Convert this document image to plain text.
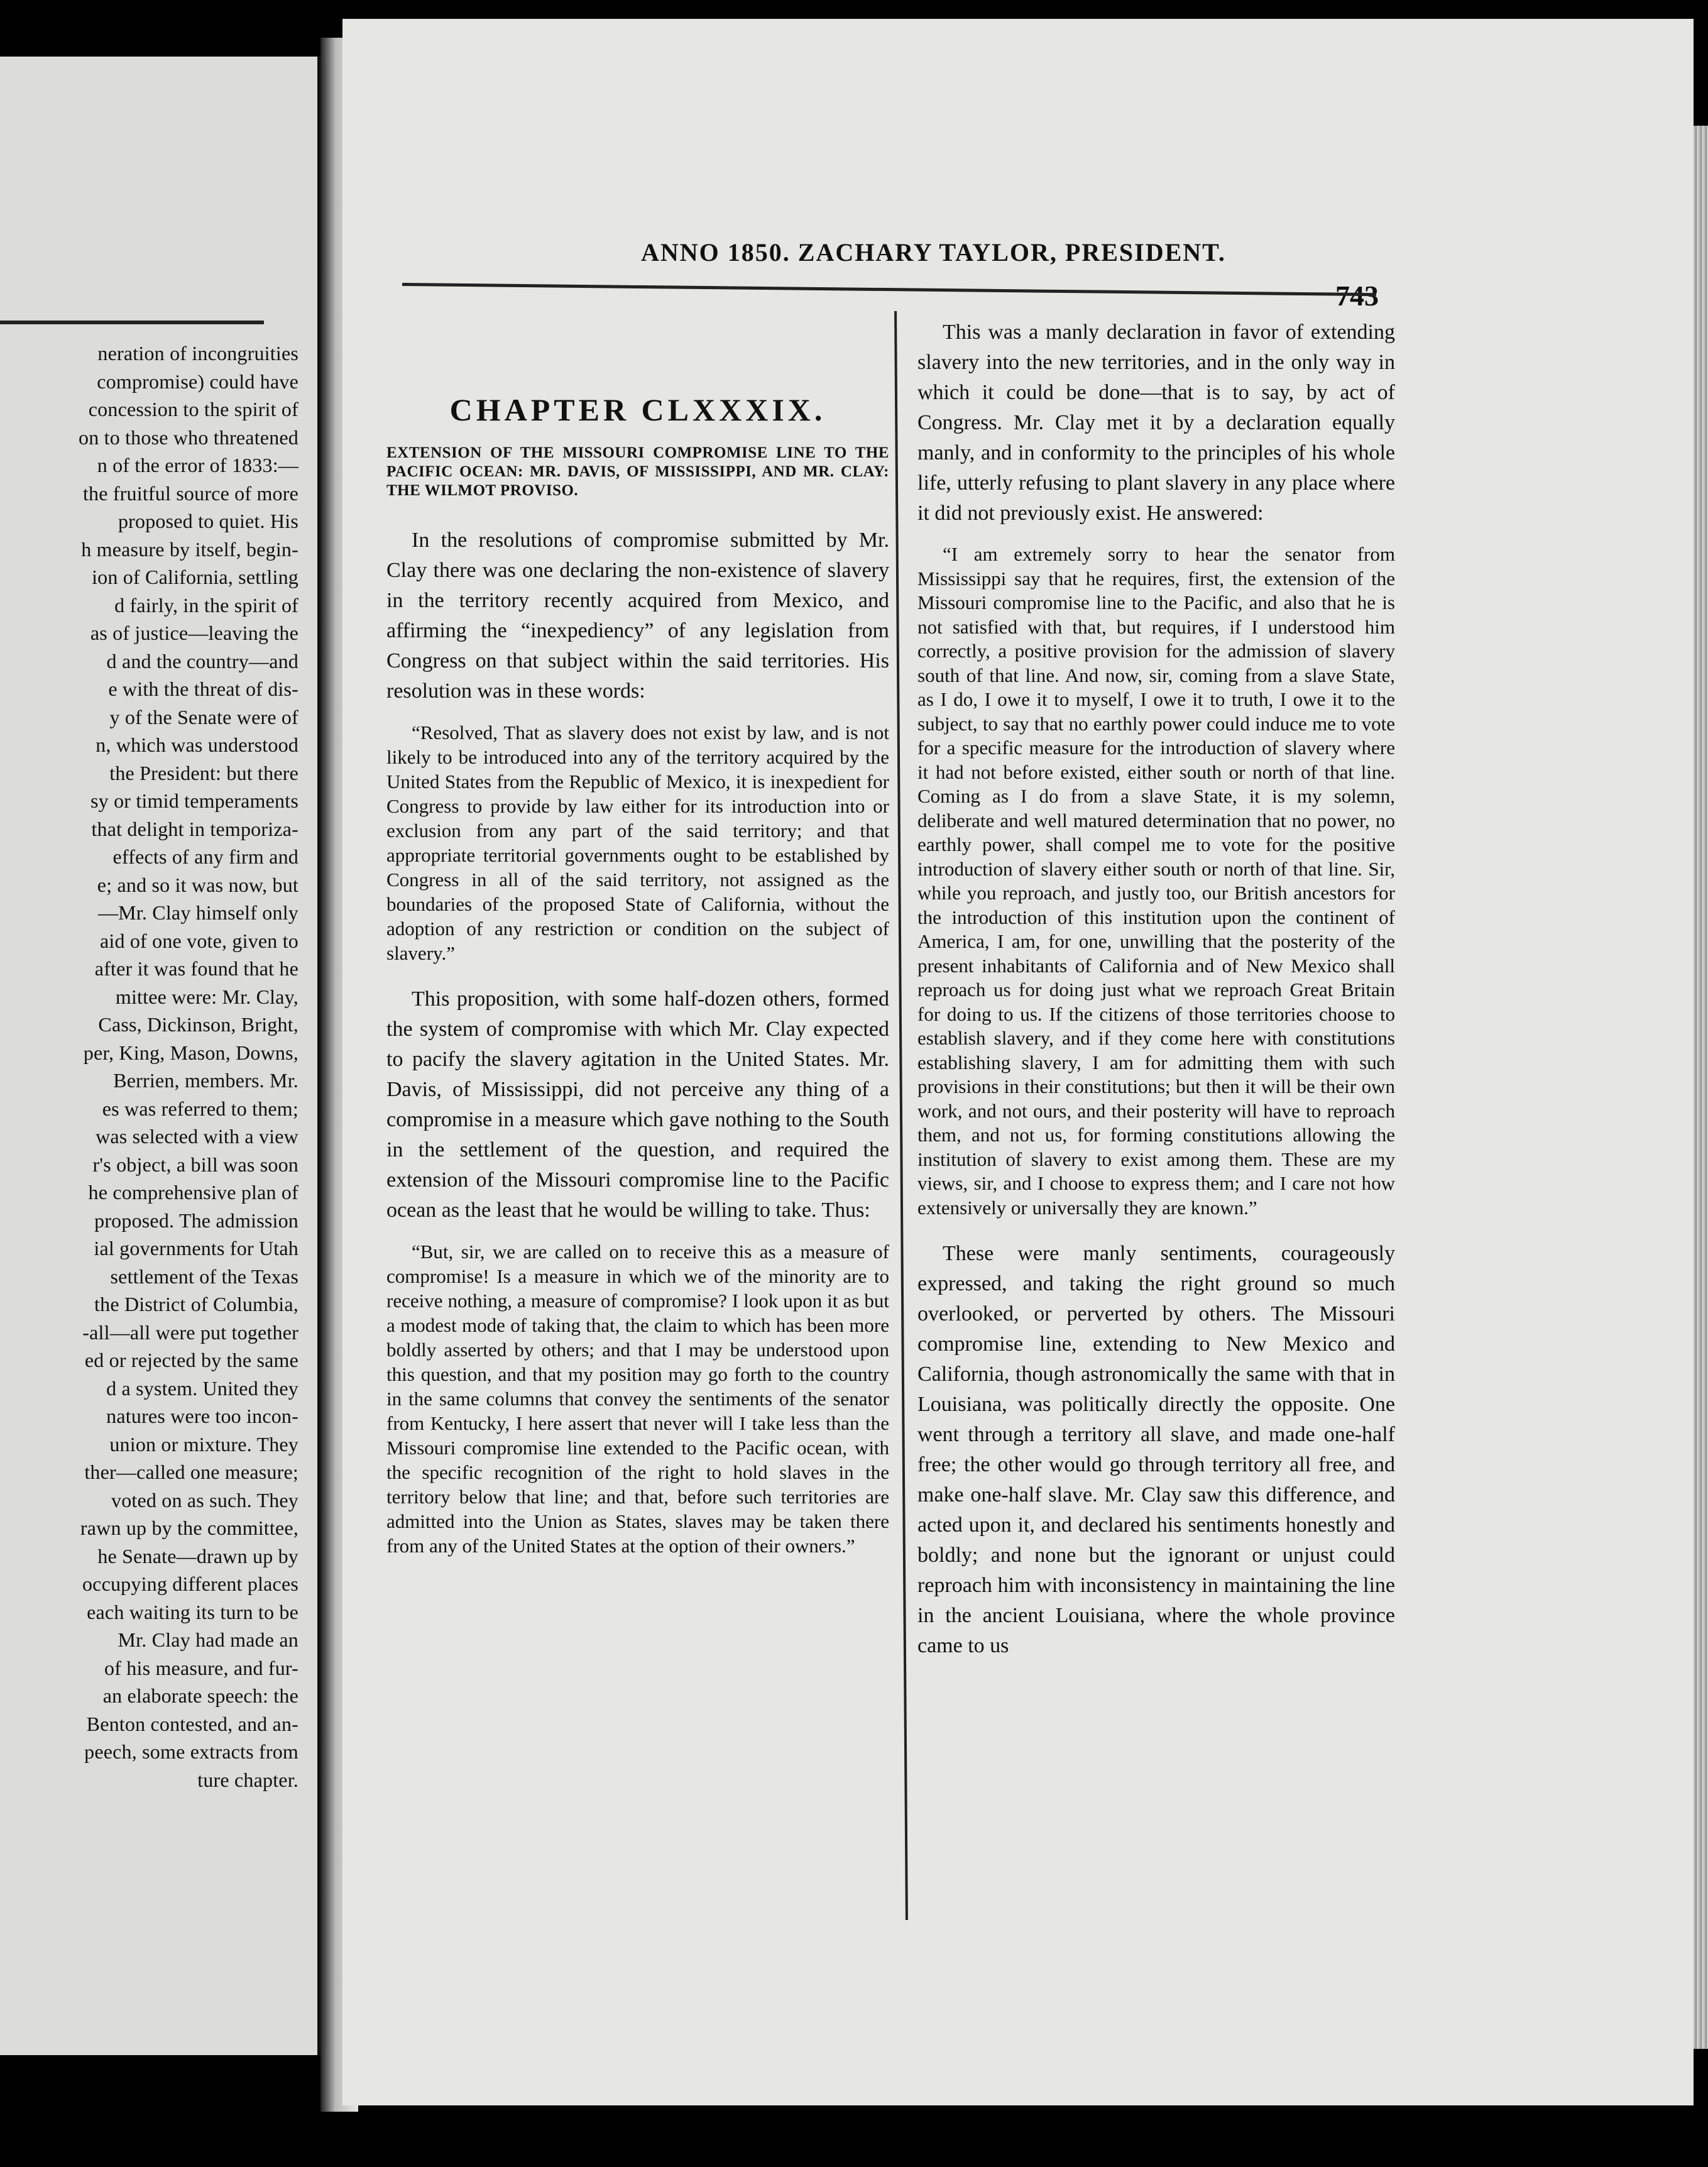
neration of incongruities
compromise) could have
concession to the spirit of
on to those who threatened
n of the error of 1833:—
the fruitful source of more
proposed to quiet. His
h measure by itself, begin-
ion of California, settling
d fairly, in the spirit of
as of justice—leaving the
d and the country—and
e with the threat of dis-
y of the Senate were of
n, which was understood
the President: but there
sy or timid temperaments
that delight in temporiza-
effects of any firm and
e; and so it was now, but
—Mr. Clay himself only
aid of one vote, given to
after it was found that he
mittee were: Mr. Clay,
Cass, Dickinson, Bright,
per, King, Mason, Downs,
Berrien, members. Mr.
es was referred to them;
was selected with a view
r's object, a bill was soon
he comprehensive plan of
proposed. The admission
ial governments for Utah
settlement of the Texas
the District of Columbia,
-all—all were put together
ed or rejected by the same
d a system. United they
natures were too incon-
union or mixture. They
ther—called one measure;
voted on as such. They
rawn up by the committee,
he Senate—drawn up by
occupying different places
each waiting its turn to be
Mr. Clay had made an
of his measure, and fur-
an elaborate speech: the
Benton contested, and an-
peech, some extracts from
ture chapter.
ANNO 1850. ZACHARY TAYLOR, PRESIDENT.
743
CHAPTER CLXXXIX.
EXTENSION OF THE MISSOURI COMPROMISE LINE TO THE PACIFIC OCEAN: MR. DAVIS, OF MISSISSIPPI, AND MR. CLAY: THE WILMOT PROVISO.

In the resolutions of compromise submitted by Mr. Clay there was one declaring the non-existence of slavery in the territory recently acquired from Mexico, and affirming the “inexpediency” of any legislation from Congress on that subject within the said territories. His resolution was in these words:

“Resolved, That as slavery does not exist by law, and is not likely to be introduced into any of the territory acquired by the United States from the Republic of Mexico, it is inexpedient for Congress to provide by law either for its introduction into or exclusion from any part of the said territory; and that appropriate territorial governments ought to be established by Congress in all of the said territory, not assigned as the boundaries of the proposed State of California, without the adoption of any restriction or condition on the subject of slavery.”

This proposition, with some half-dozen others, formed the system of compromise with which Mr. Clay expected to pacify the slavery agitation in the United States. Mr. Davis, of Mississippi, did not perceive any thing of a compromise in a measure which gave nothing to the South in the settlement of the question, and required the extension of the Missouri compromise line to the Pacific ocean as the least that he would be willing to take. Thus:

“But, sir, we are called on to receive this as a measure of compromise! Is a measure in which we of the minority are to receive nothing, a measure of compromise? I look upon it as but a modest mode of taking that, the claim to which has been more boldly asserted by others; and that I may be understood upon this question, and that my position may go forth to the country in the same columns that convey the sentiments of the senator from Kentucky, I here assert that never will I take less than the Missouri compromise line extended to the Pacific ocean, with the specific recognition of the right to hold slaves in the territory below that line; and that, before such territories are admitted into the Union as States, slaves may be taken there from any of the United States at the option of their owners.”

This was a manly declaration in favor of extending slavery into the new territories, and in the only way in which it could be done—that is to say, by act of Congress. Mr. Clay met it by a declaration equally manly, and in conformity to the principles of his whole life, utterly refusing to plant slavery in any place where it did not previously exist. He answered:

“I am extremely sorry to hear the senator from Mississippi say that he requires, first, the extension of the Missouri compromise line to the Pacific, and also that he is not satisfied with that, but requires, if I understood him correctly, a positive provision for the admission of slavery south of that line. And now, sir, coming from a slave State, as I do, I owe it to myself, I owe it to truth, I owe it to the subject, to say that no earthly power could induce me to vote for a specific measure for the introduction of slavery where it had not before existed, either south or north of that line. Coming as I do from a slave State, it is my solemn, deliberate and well matured determination that no power, no earthly power, shall compel me to vote for the positive introduction of slavery either south or north of that line. Sir, while you reproach, and justly too, our British ancestors for the introduction of this institution upon the continent of America, I am, for one, unwilling that the posterity of the present inhabitants of California and of New Mexico shall reproach us for doing just what we reproach Great Britain for doing to us. If the citizens of those territories choose to establish slavery, and if they come here with constitutions establishing slavery, I am for admitting them with such provisions in their constitutions; but then it will be their own work, and not ours, and their posterity will have to reproach them, and not us, for forming constitutions allowing the institution of slavery to exist among them. These are my views, sir, and I choose to express them; and I care not how extensively or universally they are known.”

These were manly sentiments, courageously expressed, and taking the right ground so much overlooked, or perverted by others. The Missouri compromise line, extending to New Mexico and California, though astronomically the same with that in Louisiana, was politically directly the opposite. One went through a territory all slave, and made one-half free; the other would go through territory all free, and make one-half slave. Mr. Clay saw this difference, and acted upon it, and declared his sentiments honestly and boldly; and none but the ignorant or unjust could reproach him with inconsistency in maintaining the line in the ancient Louisiana, where the whole province came to us
